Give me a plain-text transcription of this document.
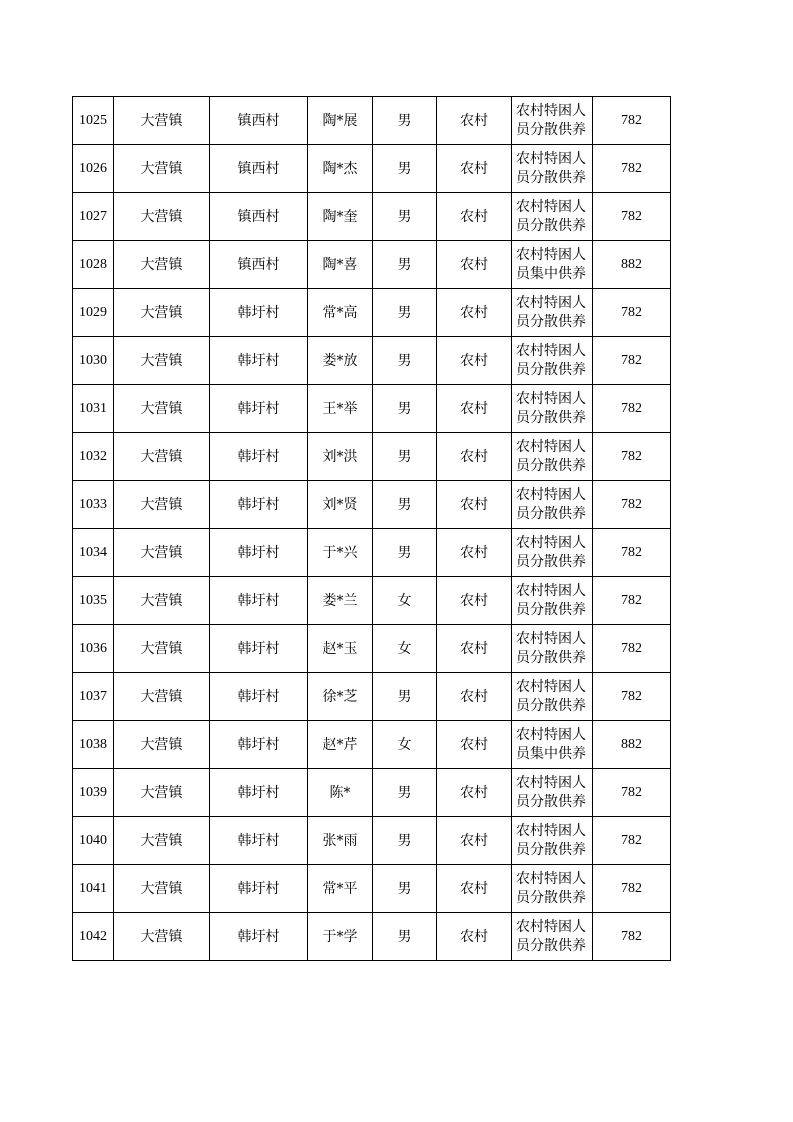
1025	大营镇	镇西村	陶*展	男	农村	农村特困人员分散供养	782
1026	大营镇	镇西村	陶*杰	男	农村	农村特困人员分散供养	782
1027	大营镇	镇西村	陶*奎	男	农村	农村特困人员分散供养	782
1028	大营镇	镇西村	陶*喜	男	农村	农村特困人员集中供养	882
1029	大营镇	韩圩村	常*高	男	农村	农村特困人员分散供养	782
1030	大营镇	韩圩村	娄*放	男	农村	农村特困人员分散供养	782
1031	大营镇	韩圩村	王*举	男	农村	农村特困人员分散供养	782
1032	大营镇	韩圩村	刘*洪	男	农村	农村特困人员分散供养	782
1033	大营镇	韩圩村	刘*贤	男	农村	农村特困人员分散供养	782
1034	大营镇	韩圩村	于*兴	男	农村	农村特困人员分散供养	782
1035	大营镇	韩圩村	娄*兰	女	农村	农村特困人员分散供养	782
1036	大营镇	韩圩村	赵*玉	女	农村	农村特困人员分散供养	782
1037	大营镇	韩圩村	徐*芝	男	农村	农村特困人员分散供养	782
1038	大营镇	韩圩村	赵*芹	女	农村	农村特困人员集中供养	882
1039	大营镇	韩圩村	陈*	男	农村	农村特困人员分散供养	782
1040	大营镇	韩圩村	张*雨	男	农村	农村特困人员分散供养	782
1041	大营镇	韩圩村	常*平	男	农村	农村特困人员分散供养	782
1042	大营镇	韩圩村	于*学	男	农村	农村特困人员分散供养	782
